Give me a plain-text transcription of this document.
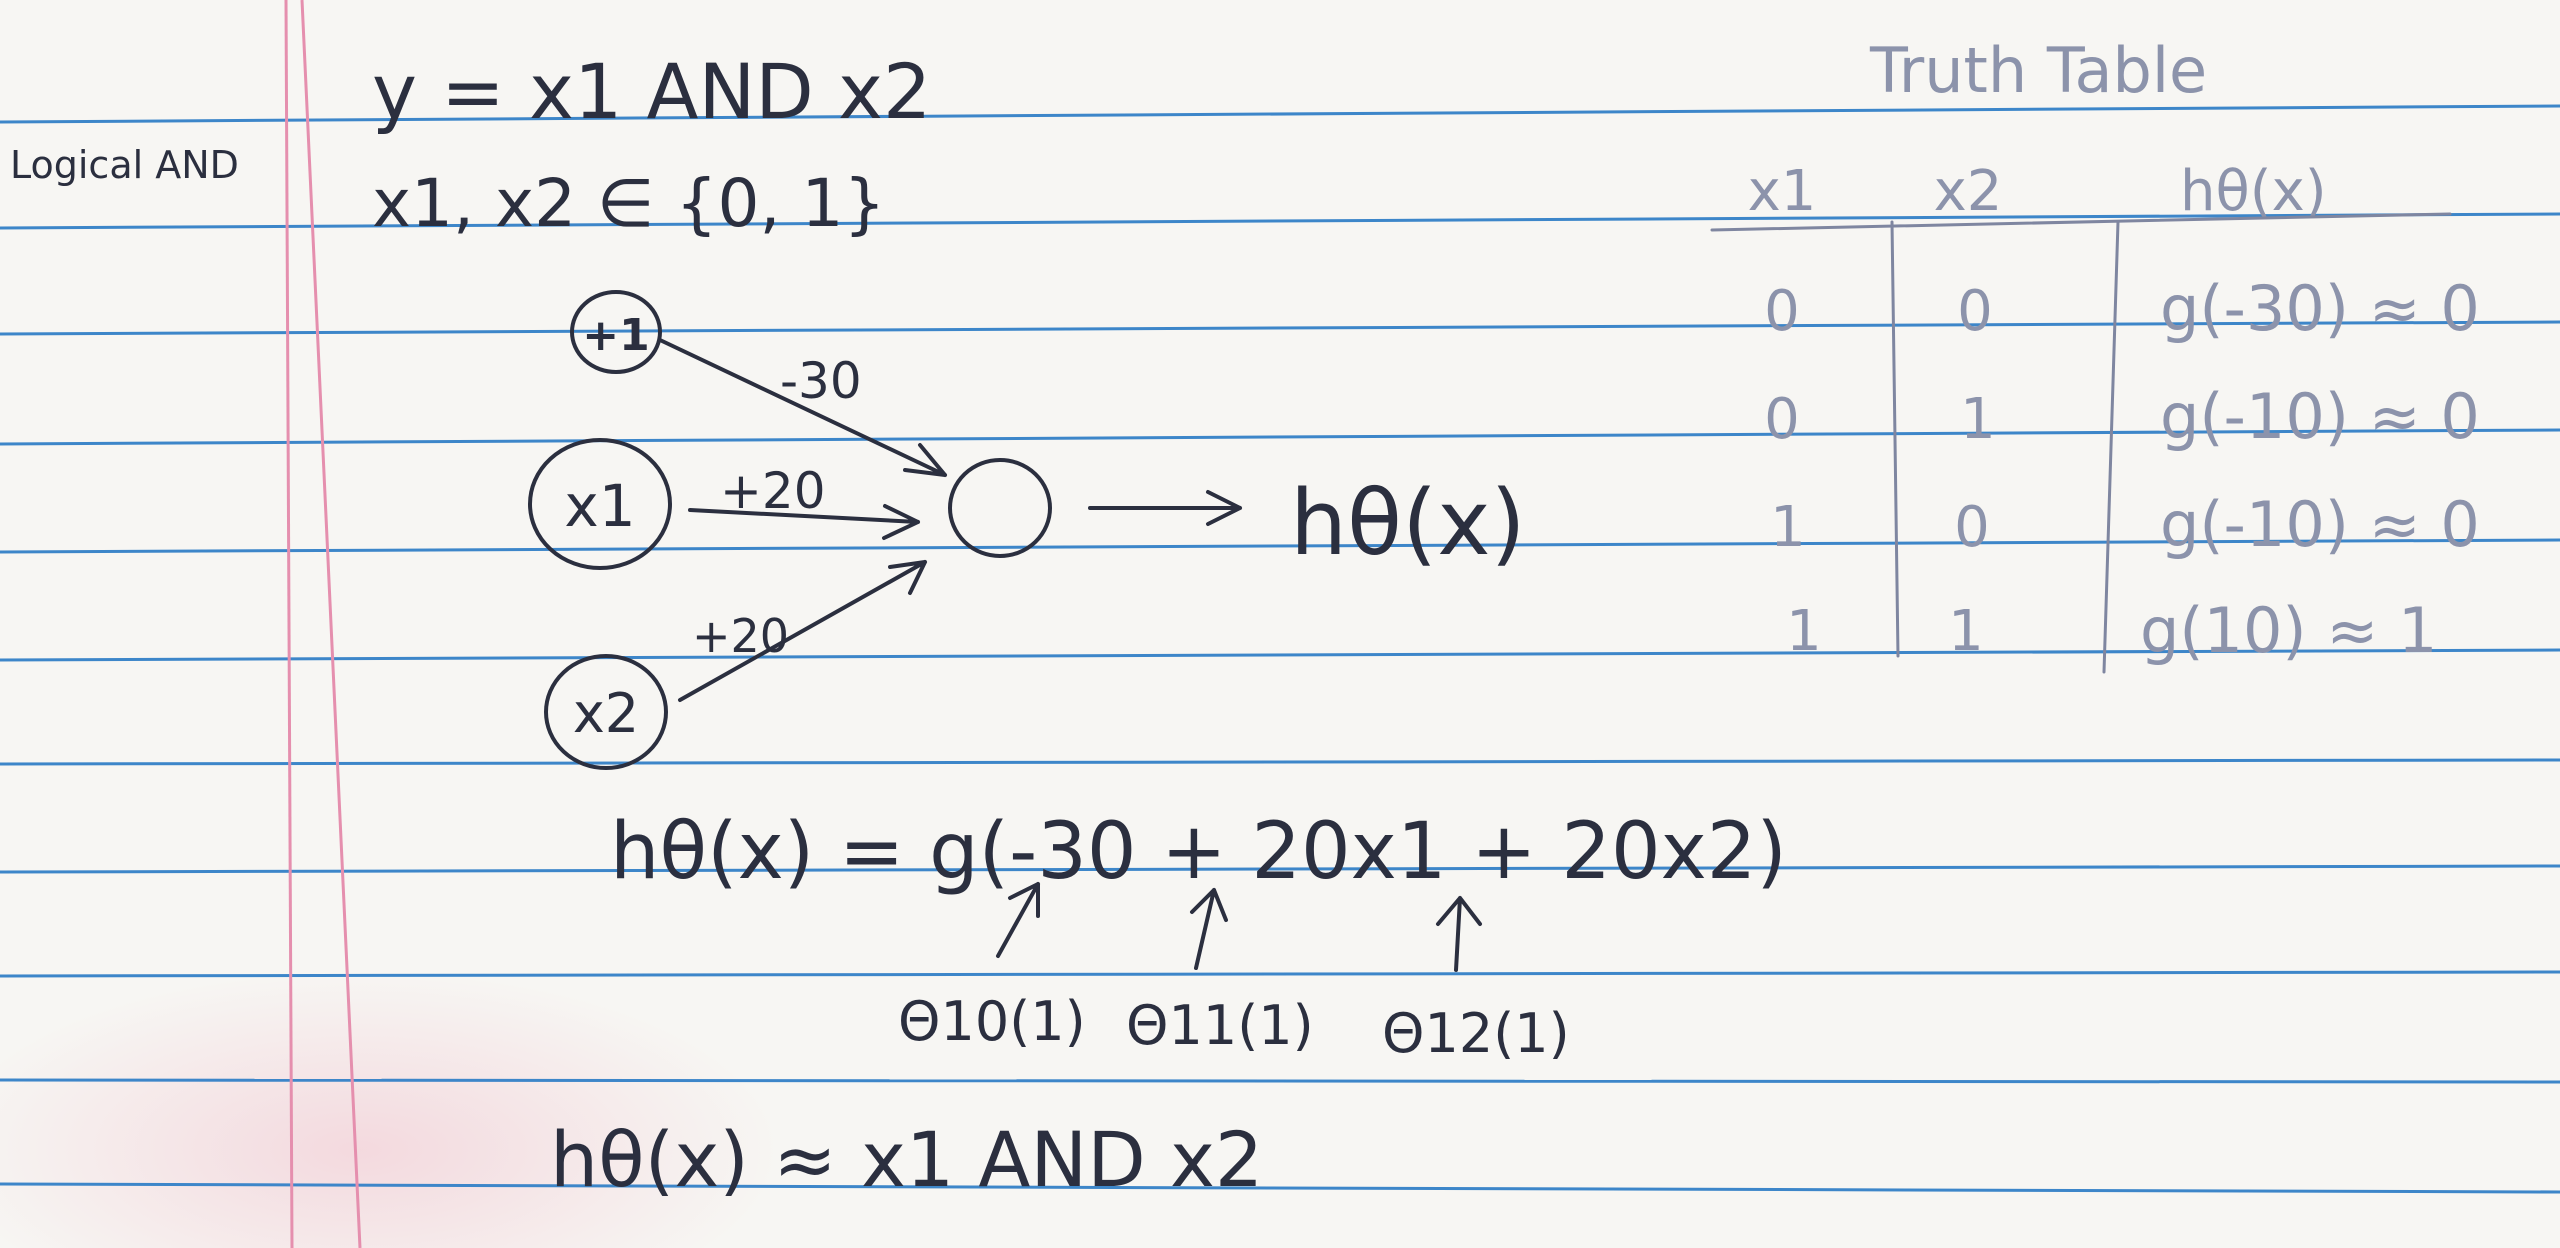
Logical AND
y = x1 AND x2
x1, x2 ∈ {0, 1}
+1
x1
x2
-30
+20
+20
hθ(x)
hθ(x) = g(-30 + 20x1 + 20x2)
Θ10(1) Θ11(1) Θ12(1)
hθ(x) ≈ x1 AND x2
Truth Table
x1 x2	hθ(x)
0	0	g(-30) ≈ 0
0	1	g(-10) ≈ 0
1	0	g(-10) ≈ 0
1 1	g(10) ≈ 1
